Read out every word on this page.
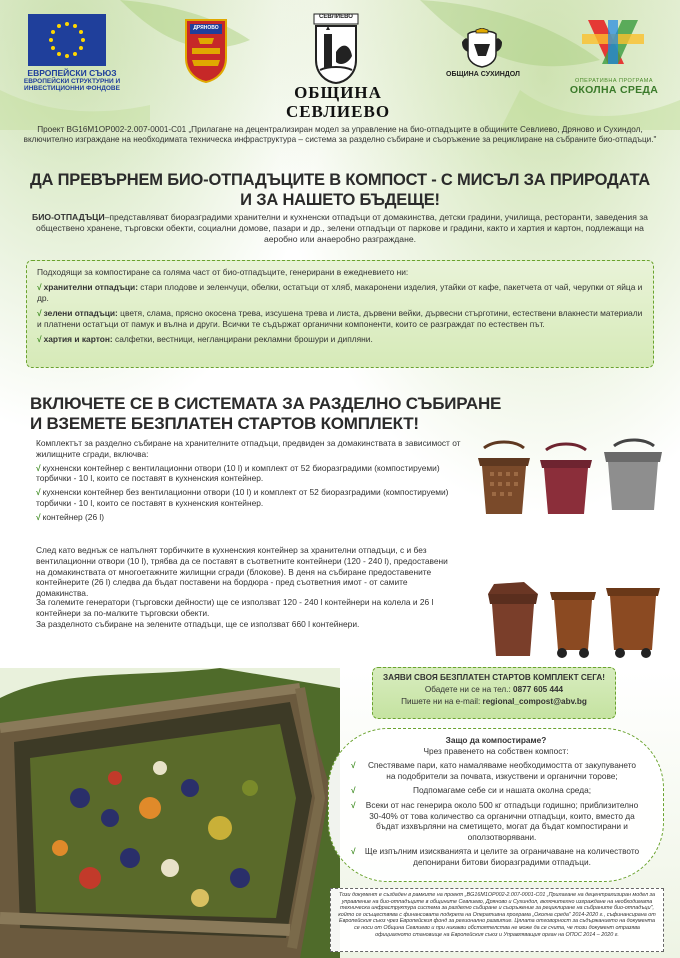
ЕВРОПЕЙСКИ СЪЮЗ
ЕВРОПЕЙСКИ СТРУКТУРНИ И
ИНВЕСТИЦИОННИ ФОНДОВЕ
ДРЯНОВО
СЕВЛИЕВО
ОБЩИНА
СЕВЛИЕВО
ОБЩИНА СУХИНДОЛ
ОПЕРАТИВНА ПРОГРАМА
ОКОЛНА СРЕДА
Проект BG16M1OP002-2.007-0001-C01 „Прилагане на децентрализиран модел за управление на био-отпадъците в общините Севлиево, Дряново и Сухиндол, включително изграждане на необходимата техническа инфраструктура – система за разделно събиране и съоръжение за рециклиране на събраните био-отпадъци."
ДА ПРЕВЪРНЕМ БИО-ОТПАДЪЦИТЕ В КОМПОСТ - С МИСЪЛ ЗА ПРИРОДАТА
И ЗА НАШЕТО БЪДЕЩЕ!
БИО-ОТПАДЪЦИ–представляват биоразградими хранителни и кухненски отпадъци от домакинства, детски градини, училища, ресторанти, заведения за обществено хранене, търговски обекти, социални домове, пазари и др., зелени отпадъци от паркове и градини, както и хартия и картон, подлежащи на аеробно или анаеробно разграждане.

Подходящи за компостиране са голяма част от био-отпадъците, генерирани в ежедневието ни:

√ хранителни отпадъци: стари плодове и зеленчуци, обелки, остатъци от хляб, макаронени изделия, утайки от кафе, пакетчета от чай, черупки от яйца и др.

√ зелени отпадъци: цветя, слама, прясно окосена трева, изсушена трева и листа, дървени вейки, дървесни стърготини, естествени влакнести материали и платнени остатъци от памук и вълна и други. Всички те съдържат органични компоненти, които се разграждат по естествен път.

√ хартия и картон: салфетки, вестници, негланцирани рекламни брошури и дипляни.

ВКЛЮЧЕТЕ СЕ В СИСТЕМАТА ЗА РАЗДЕЛНО СЪБИРАНЕ
И ВЗЕМЕТЕ БЕЗПЛАТЕН СТАРТОВ КОМПЛЕКТ!
Комплектът за разделно събиране на хранителните отпадъци, предвиден за домакинствата в зависимост от жилищните сгради, включва:
√ кухненски контейнер с вентилационни отвори (10 l) и комплект от 52 биоразградими (компостируеми) торбички - 10 l, които се поставят в кухненския контейнер.
√ кухненски контейнер без вентилационни отвори (10 l) и комплект от 52 биоразградими (компостируеми) торбички - 10 l, които се поставят в кухненския контейнер.
√ контейнер (26 l)
След като веднъж се напълнят торбичките в кухненския контейнер за хранителни отпадъци, с и без вентилационни отвори (10 l), трябва да се поставят в съответните контейнери (120 - 240 l), предоставени на домакинствата от многоетажните жилищни сгради (блокове). В деня на събиране предоставените контейнерите (26 l) следва да бъдат поставени на бордюра - пред съответния имот - от самите домакинства.
За големите генератори (търговски дейности) ще се използват 120 - 240 l контейнери на колела и 26 l контейнери за по-малките търговски обекти.
За разделното събиране на зелените отпадъци, ще се използват 660 l контейнери.
ЗАЯВИ СВОЯ БЕЗПЛАТЕН СТАРТОВ КОМПЛЕКТ СЕГА!
Обадете ни се на тел.: 0877 605 444
Пишете ни на e-mail: regional_compost@abv.bg
Защо да компостираме?
Чрез правенето на собствен компост:
√	Спестяваме пари, като намаляваме необходимостта от закупуването на подобрители за почвата, изкуствени и органични торове;
√	Подпомагаме себе си и нашата околна среда;
√	Всеки от нас генерира около 500 кг отпадъци годишно; приблизително 30-40% от това количество са органични отпадъци, които, вместо да бъдат изхвърляни на сметището, могат да бъдат компостирани и оползотворявани.
√	Ще изпълним изискванията и целите за ограничаване на количеството депонирани битови биоразградими отпадъци.
Този документ е създаден в рамките на проект „BG16M1OP002-2.007-0001-C01 „Прилагане на децентрализиран модел за управление на био-отпадъците в общините Севлиево, Дряново и Сухиндол, включително изграждане на необходимата техническа инфраструктура система за разделно събиране и съоръжение за рециклиране на събраните био-отпадъци", който се осъществява с финансовата подкрепа на Оперативна програма „Околна среда" 2014-2020 г., съфинансирана от Европейския съюз чрез Европейския фонд за регионално развитие. Цялата отговорност за съдържанието на документа се носи от Община Севлиево и при никакви обстоятелства не може да се счита, че този документ отразява официалното становище на Европейския съюз и Управляващия орган на ОПОС 2014 – 2020 г.
